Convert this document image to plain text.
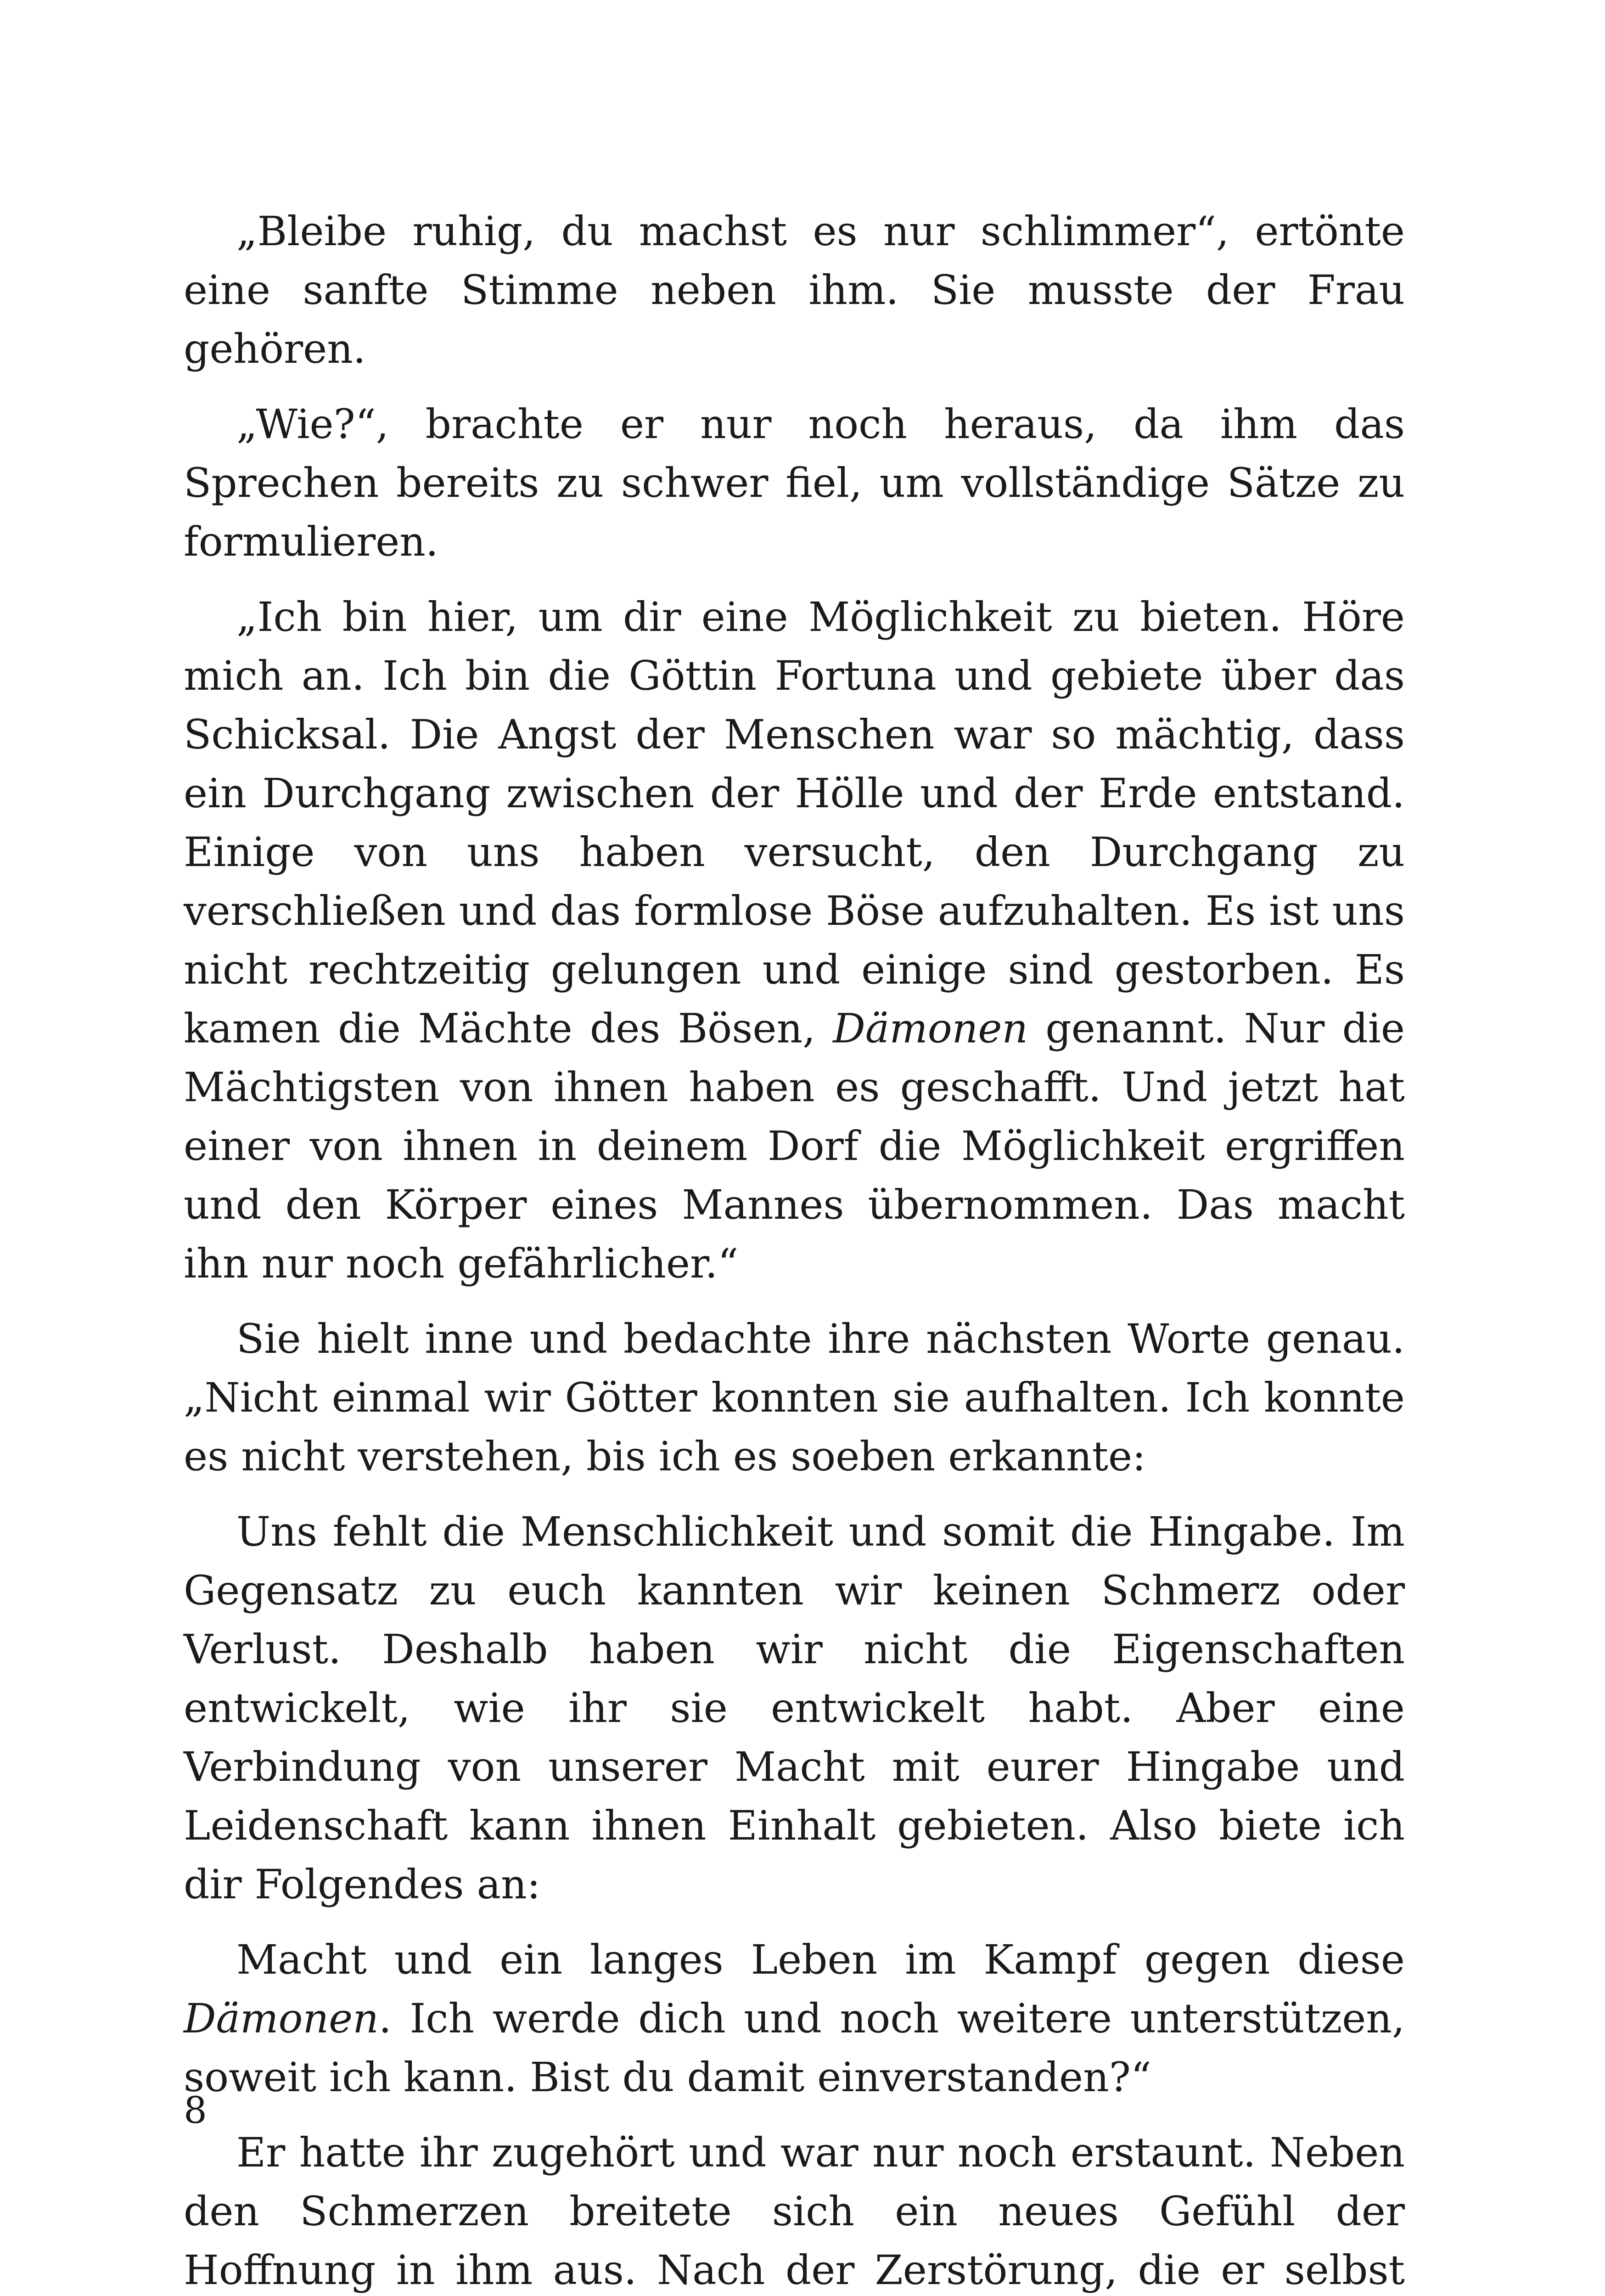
„Bleibe ruhig, du machst es nur schlimmer“, ertönte eine sanfte Stimme neben ihm. Sie musste der Frau gehören.

„Wie?“, brachte er nur noch heraus, da ihm das Sprechen bereits zu schwer fiel, um vollständige Sätze zu formulieren.

„Ich bin hier, um dir eine Möglichkeit zu bieten. Höre mich an. Ich bin die Göttin Fortuna und gebiete über das Schicksal. Die Angst der Menschen war so mächtig, dass ein Durchgang zwischen der Hölle und der Erde entstand. Einige von uns haben versucht, den Durchgang zu verschließen und das formlose Böse aufzuhalten. Es ist uns nicht rechtzeitig gelungen und einige sind gestorben. Es kamen die Mächte des Bösen, Dämonen genannt. Nur die Mächtigsten von ihnen haben es geschafft. Und jetzt hat einer von ihnen in deinem Dorf die Möglichkeit ergriffen und den Körper eines Mannes übernommen. Das macht ihn nur noch gefährlicher.“

Sie hielt inne und bedachte ihre nächsten Worte genau. „Nicht einmal wir Götter konnten sie aufhalten. Ich konnte es nicht verstehen, bis ich es soeben erkannte:

Uns fehlt die Menschlichkeit und somit die Hingabe. Im Gegensatz zu euch kannten wir keinen Schmerz oder Verlust. Deshalb haben wir nicht die Eigenschaften entwickelt, wie ihr sie entwickelt habt. Aber eine Verbindung von unserer Macht mit eurer Hingabe und Leidenschaft kann ihnen Einhalt gebieten. Also biete ich dir Folgendes an:

Macht und ein langes Leben im Kampf gegen diese Dämonen. Ich werde dich und noch weitere unterstützen, soweit ich kann. Bist du damit einverstanden?“

Er hatte ihr zugehört und war nur noch erstaunt. Neben den Schmerzen breitete sich ein neues Gefühl der Hoffnung in ihm aus. Nach der Zerstörung, die er selbst

8
